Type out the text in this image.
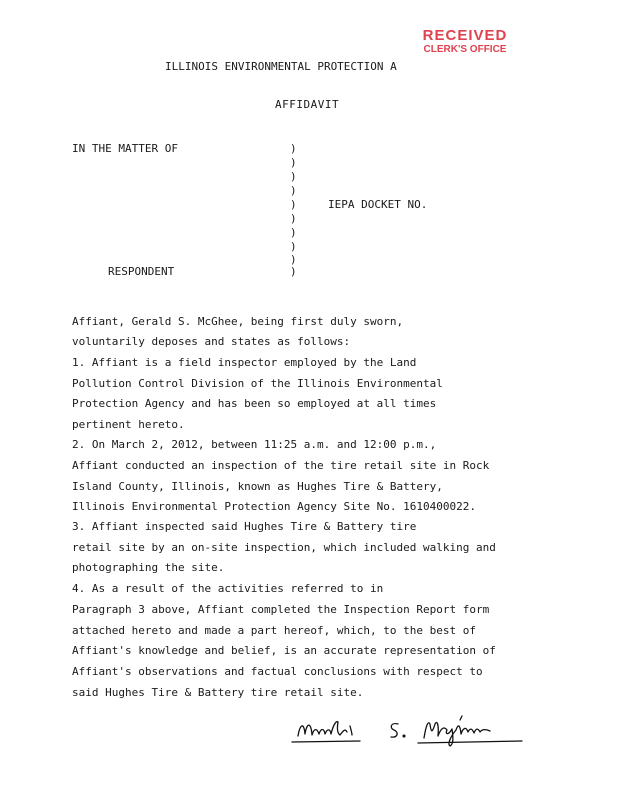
RECEIVED
CLERK'S OFFICE
ILLINOIS ENVIRONMENTAL PROTECTION A
AFFIDAVIT
IN THE MATTER OF
RESPONDENT
IEPA DOCKET NO.
)
)
)
)
)
)
)
)
)
)
Affiant, Gerald S. McGhee, being first duly sworn,
voluntarily deposes and states as follows:
1. Affiant is a field inspector employed by the Land
Pollution Control Division of the Illinois Environmental
Protection Agency and has been so employed at all times
pertinent hereto.
2. On March 2, 2012, between 11:25 a.m. and 12:00 p.m.,
Affiant conducted an inspection of the tire retail site in Rock
Island County, Illinois, known as Hughes Tire & Battery,
Illinois Environmental Protection Agency Site No. 1610400022.
3. Affiant inspected said Hughes Tire & Battery tire
retail site by an on-site inspection, which included walking and
photographing the site.
4. As a result of the activities referred to in
Paragraph 3 above, Affiant completed the Inspection Report form
attached hereto and made a part hereof, which, to the best of
Affiant's knowledge and belief, is an accurate representation of
Affiant's observations and factual conclusions with respect to
said Hughes Tire & Battery tire retail site.
